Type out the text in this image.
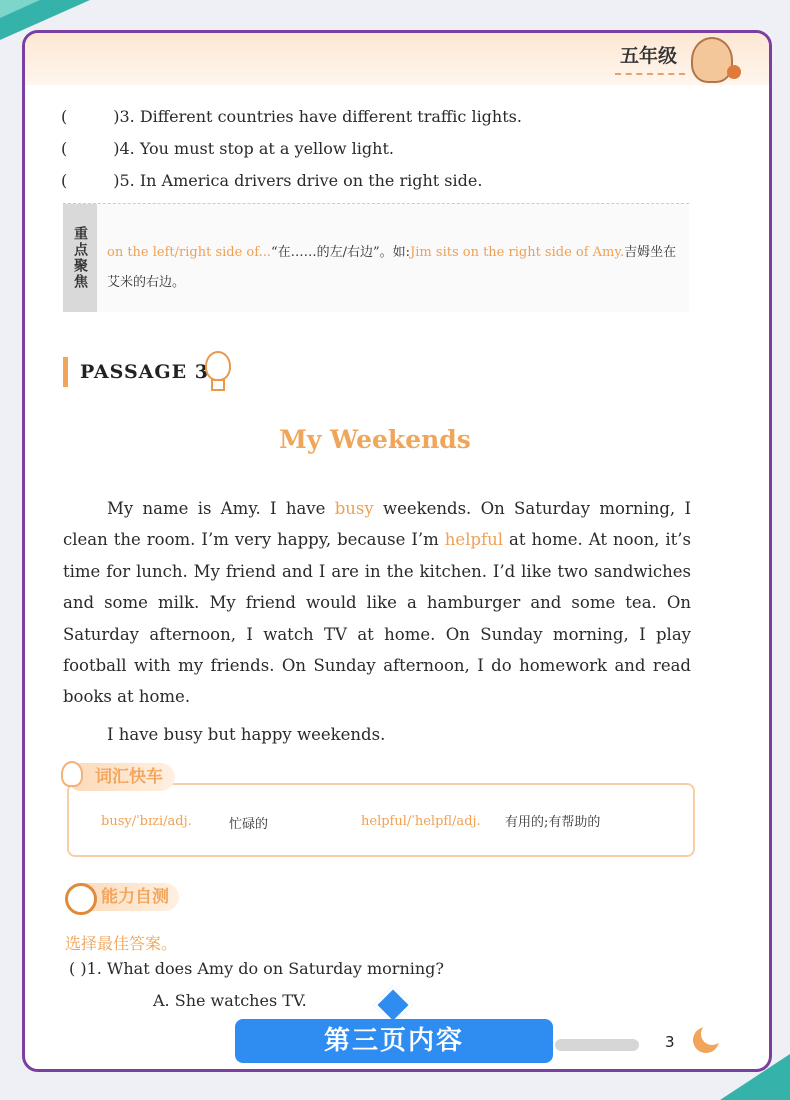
五年级
(	)3. Different countries have different traffic lights.
(	)4. You must stop at a yellow light.
(	)5. In America drivers drive on the right side.
重点聚焦	on the left/right side of...“在……的左/右边”。如:Jim sits on the right side of Amy.吉姆坐在艾米的右边。
PASSAGE 3
My Weekends

My name is Amy. I have busy weekends. On Saturday morning, I clean the room. I’m very happy, because I’m helpful at home. At noon, it’s time for lunch. My friend and I are in the kitchen. I’d like two sandwiches and some milk. My friend would like a hamburger and some tea. On Saturday afternoon, I watch TV at home. On Sunday morning, I play football with my friends. On Sunday afternoon, I do homework and read books at home.

I have busy but happy weekends.

词汇快车
busy/ˈbɪzi/adj.	忙碌的	helpful/ˈhelpfl/adj. 有用的;有帮助的
能力自测
选择最佳答案。
( )1. What does Amy do on Saturday morning?
A. She watches TV.
第三页内容	3
